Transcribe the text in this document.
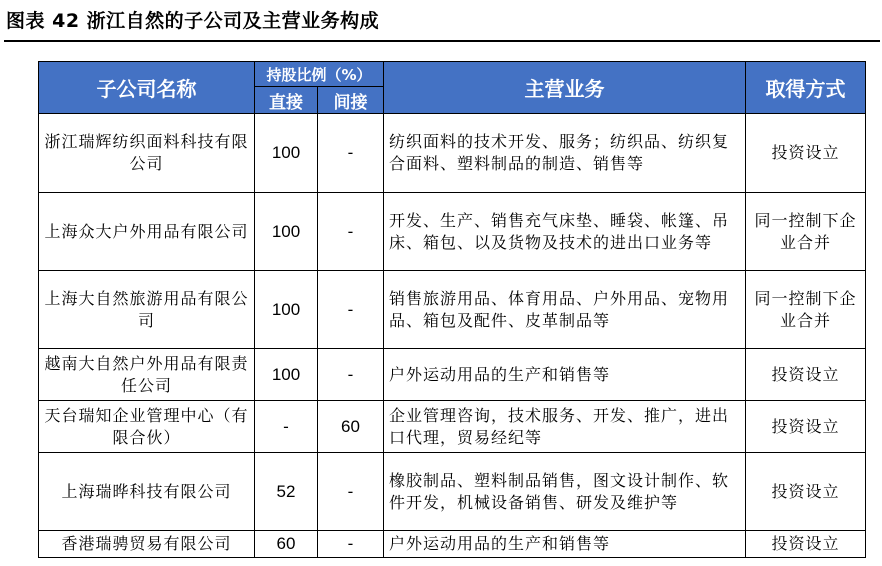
图表 42 浙江自然的子公司及主营业务构成
子公司名称	持股比例（%）		主营业务	取得方式
	直接	间接		
浙江瑞辉纺织面料科技有限公司	100	-	纺织面料的技术开发、服务；纺织品、纺织复合面料、塑料制品的制造、销售等	投资设立
上海众大户外用品有限公司	100	-	开发、生产、销售充气床垫、睡袋、帐篷、吊床、箱包、以及货物及技术的进出口业务等	同一控制下企业合并
上海大自然旅游用品有限公司	100	-	销售旅游用品、体育用品、户外用品、宠物用品、箱包及配件、皮革制品等	同一控制下企业合并
越南大自然户外用品有限责任公司	100	-	户外运动用品的生产和销售等	投资设立
天台瑞知企业管理中心（有限合伙）	-	60	企业管理咨询，技术服务、开发、推广，进出口代理，贸易经纪等	投资设立
上海瑞晔科技有限公司	52	-	橡胶制品、塑料制品销售，图文设计制作、软件开发，机械设备销售、研发及维护等	投资设立
香港瑞骋贸易有限公司	60	-	户外运动用品的生产和销售等	投资设立
